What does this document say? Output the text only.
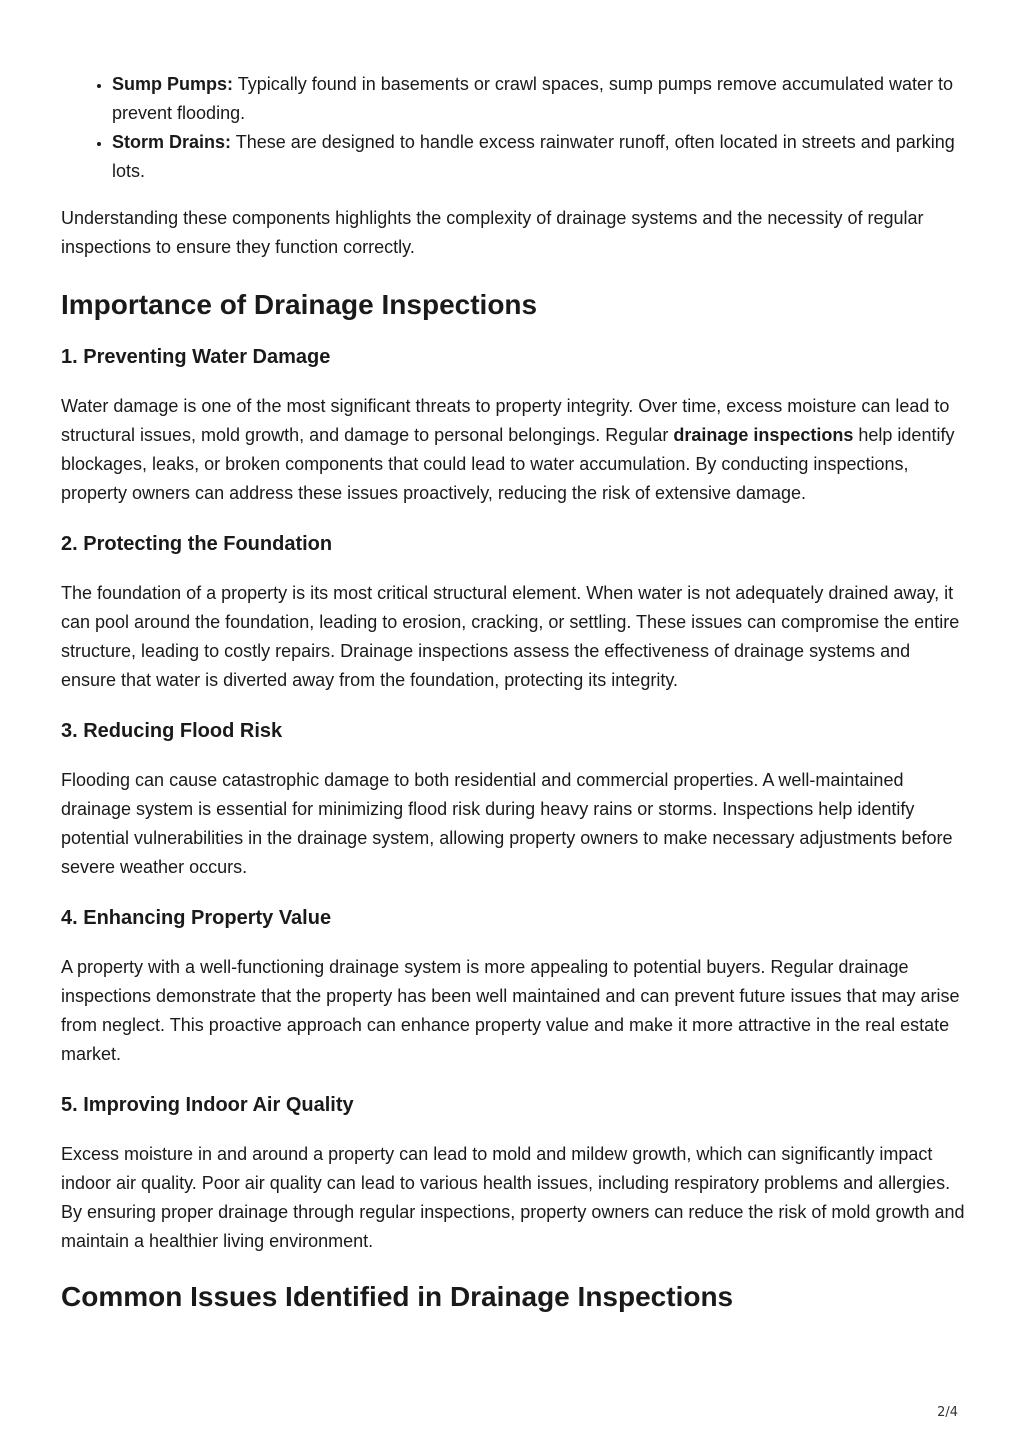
• Sump Pumps: Typically found in basements or crawl spaces, sump pumps remove accumulated water to prevent flooding.
• Storm Drains: These are designed to handle excess rainwater runoff, often located in streets and parking lots.

Understanding these components highlights the complexity of drainage systems and the necessity of regular inspections to ensure they function correctly.

Importance of Drainage Inspections
1. Preventing Water Damage

Water damage is one of the most significant threats to property integrity. Over time, excess moisture can lead to structural issues, mold growth, and damage to personal belongings. Regular drainage inspections help identify blockages, leaks, or broken components that could lead to water accumulation. By conducting inspections, property owners can address these issues proactively, reducing the risk of extensive damage.

2. Protecting the Foundation

The foundation of a property is its most critical structural element. When water is not adequately drained away, it can pool around the foundation, leading to erosion, cracking, or settling. These issues can compromise the entire structure, leading to costly repairs. Drainage inspections assess the effectiveness of drainage systems and ensure that water is diverted away from the foundation, protecting its integrity.

3. Reducing Flood Risk

Flooding can cause catastrophic damage to both residential and commercial properties. A well-maintained drainage system is essential for minimizing flood risk during heavy rains or storms. Inspections help identify potential vulnerabilities in the drainage system, allowing property owners to make necessary adjustments before severe weather occurs.

4. Enhancing Property Value

A property with a well-functioning drainage system is more appealing to potential buyers. Regular drainage inspections demonstrate that the property has been well maintained and can prevent future issues that may arise from neglect. This proactive approach can enhance property value and make it more attractive in the real estate market.

5. Improving Indoor Air Quality

Excess moisture in and around a property can lead to mold and mildew growth, which can significantly impact indoor air quality. Poor air quality can lead to various health issues, including respiratory problems and allergies. By ensuring proper drainage through regular inspections, property owners can reduce the risk of mold growth and maintain a healthier living environment.

Common Issues Identified in Drainage Inspections
2/4
